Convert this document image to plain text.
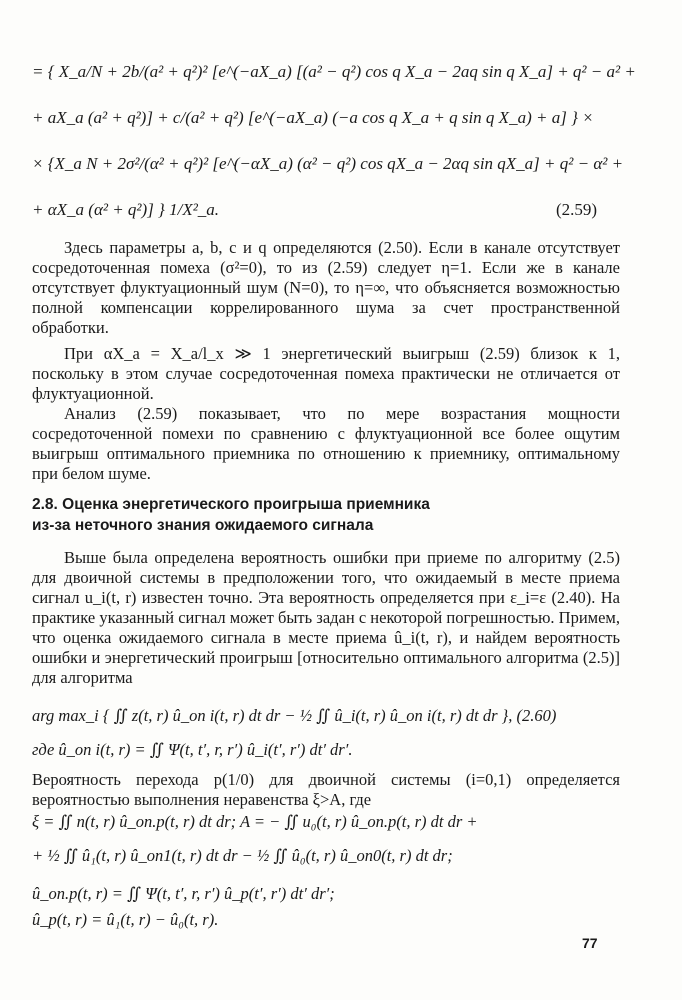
= { X_a/N + 2b/(a² + q²)² [e^(−aX_a) [(a² − q²) cos q X_a − 2aq sin q X_a] + q² − a² +
+ aX_a (a² + q²)] + c/(a² + q²) [e^(−aX_a) (−a cos q X_a + q sin q X_a) + a] } ×
× {X_a N + 2σ²/(α² + q²)² [e^(−αX_a) (α² − q²) cos qX_a − 2αq sin qX_a] + q² − α² +
+ αX_a (α² + q²)] } 1/X²_a.	(2.59)

Здесь параметры a, b, c и q определяются (2.50). Если в канале отсутствует сосредоточенная помеха (σ²=0), то из (2.59) следует η=1. Если же в канале отсутствует флуктуационный шум (N=0), то η=∞, что объясняется возможностью полной компенсации коррелированного шума за счет пространственной обработки.

При αX_a = X_a/l_x ≫ 1 энергетический выигрыш (2.59) близок к 1, поскольку в этом случае сосредоточенная помеха практически не отличается от флуктуационной.

Анализ (2.59) показывает, что по мере возрастания мощности сосредоточенной помехи по сравнению с флуктуационной все более ощутим выигрыш оптимального приемника по отношению к приемнику, оптимальному при белом шуме.

2.8. Оценка энергетического проигрыша приемника
из-за неточного знания ожидаемого сигнала

Выше была определена вероятность ошибки при приеме по алгоритму (2.5) для двоичной системы в предположении того, что ожидаемый в месте приема сигнал u_i(t, r) известен точно. Эта вероятность определяется при ε_i=ε (2.40). На практике указанный сигнал может быть задан с некоторой погрешностью. Примем, что оценка ожидаемого сигнала в месте приема û_i(t, r), и найдем вероятность ошибки и энергетический проигрыш [относительно оптимального алгоритма (2.5)] для алгоритма

arg max_i { ∬ z(t, r) û_оп i(t, r) dt dr − ½ ∬ û_i(t, r) û_оп i(t, r) dt dr }, (2.60)
где û_оп i(t, r) = ∬ Ψ(t, t′, r, r′) û_i(t′, r′) dt′ dr′.

Вероятность перехода p(1/0) для двоичной системы (i=0,1) определяется вероятностью выполнения неравенства ξ>A, где

ξ = ∬ n(t, r) û_оп.р(t, r) dt dr; A = − ∬ u₀(t, r) û_оп.р(t, r) dt dr +
+ ½ ∬ û₁(t, r) û_оп1(t, r) dt dr − ½ ∬ û₀(t, r) û_оп0(t, r) dt dr;
û_оп.р(t, r) = ∬ Ψ(t, t′, r, r′) û_р(t′, r′) dt′ dr′;
û_р(t, r) = û₁(t, r) − û₀(t, r).
77
